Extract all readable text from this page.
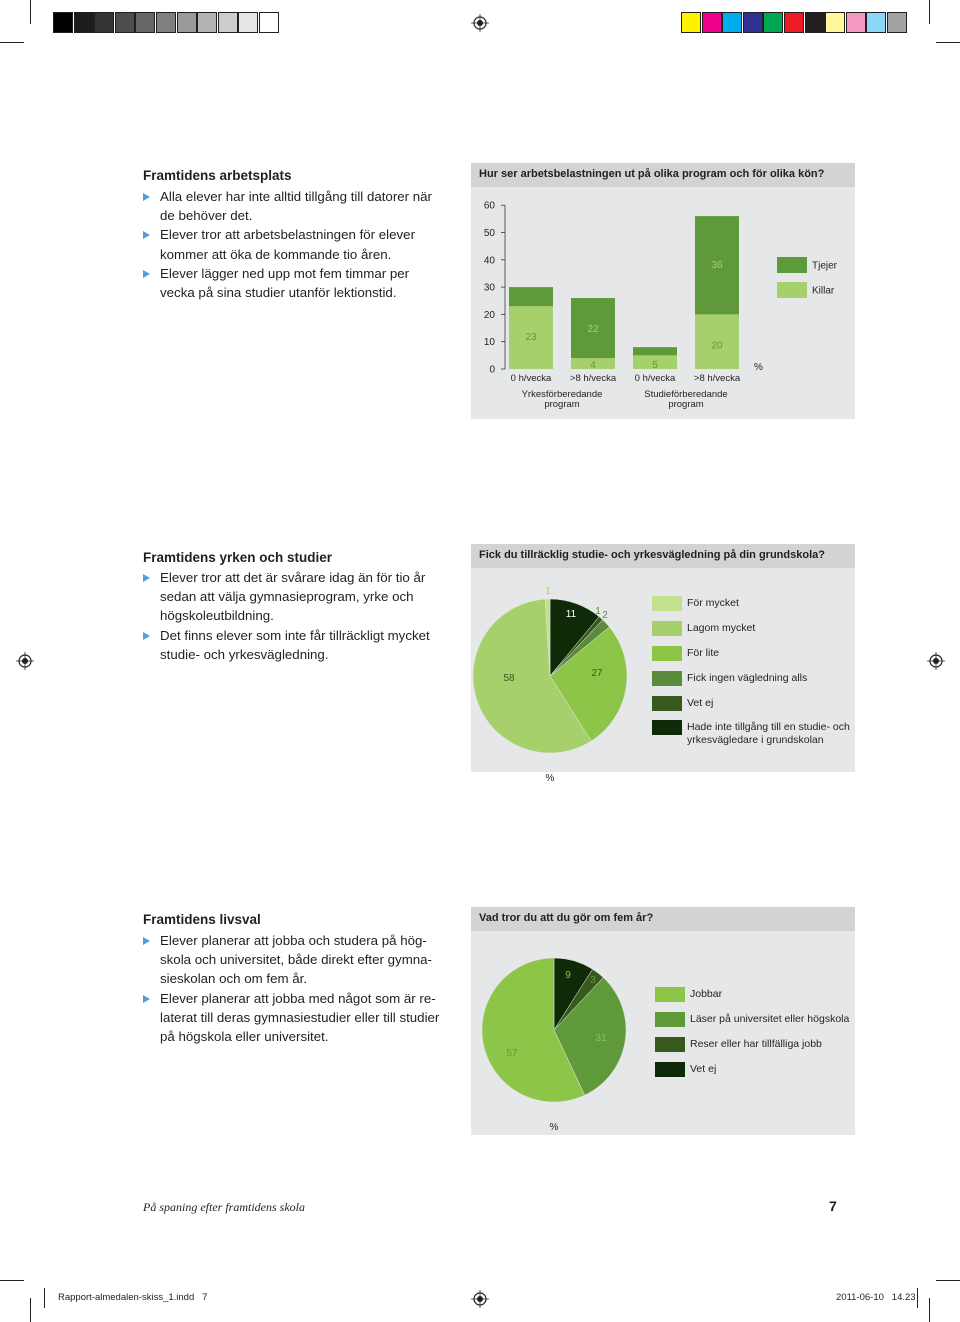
Framtidens arbetsplats
Alla elever har inte alltid tillgång till datorer när
de behöver det.
Elever tror att arbetsbelastningen för elever
kommer att öka de kommande tio åren.
Elever lägger ned upp mot fem timmar per
vecka på sina studier utanför lektionstid.
Hur ser arbetsbelastningen ut på olika program och för olika kön?
0
10
20
30
40
50
60
23
7
0 h/vecka
4
22
>8 h/vecka
5
3
0 h/vecka
20
36
>8 h/vecka
Yrkesförberedande
program
Studieförberedande
program
%
Tjejer
Killar
Framtidens yrken och studier
Elever tror att det är svårare idag än för tio år
sedan att välja gymnasieprogram, yrke och
högskoleutbildning.
Det finns elever som inte får tillräckligt mycket
studie- och yrkesvägledning.
Fick du tillräcklig studie- och yrkesvägledning på din grundskola?
11
1
2
27
58
1
%
För mycket
Lagom mycket
För lite
Fick ingen vägledning alls
Vet ej
Hade inte tillgång till en studie- och yrkesvägledare i grundskolan
Framtidens livsval
Elever planerar att jobba och studera på hög-
skola och universitet, både direkt efter gymna-
sieskolan och om fem år.
Elever planerar att jobba med något som är re-
laterat till deras gymnasiestudier eller till studier
på högskola eller universitet.
Vad tror du att du gör om fem år?
9 3
31
57
%
Jobbar
Läser på universitet eller högskola
Reser eller har tillfälliga jobb
Vet ej
På spaning efter framtidens skola	7
Rapport-almedalen-skiss_1.indd   7	2011-06-10   14.23
